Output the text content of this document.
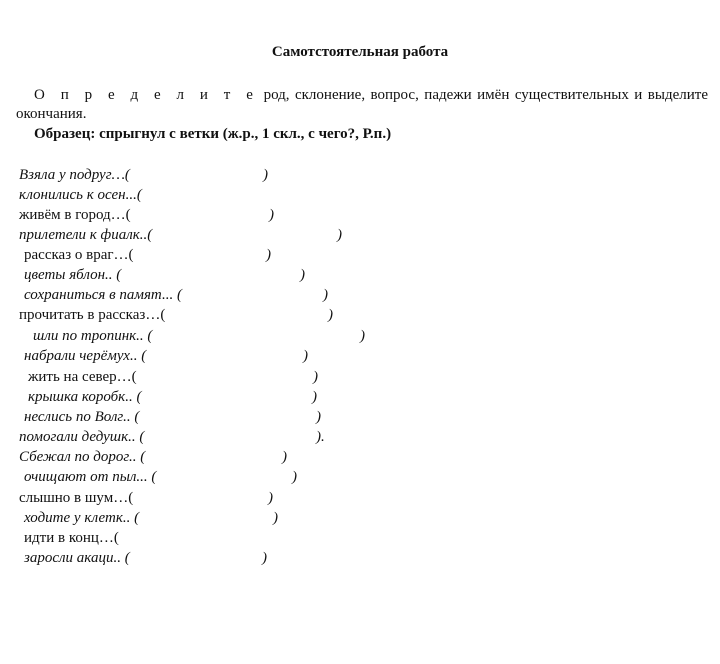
Самотстоятельная работа
О п р е д е л и т е род, склонение, вопрос, падежи имён существительных и выделите окончания.
Образец: спрыгнул с ветки (ж.р., 1 скл., с чего?, Р.п.)
Взяла у подруг…(	)
клонились к осен...(
живём в город…(	)
прилетели к фиалк..(	)
рассказ о враг…(	)
цветы яблон.. (	)
сохраниться в памят... (	)
прочитать в рассказ…(	)
шли по тропинк.. (	)
набрали черёмух.. (	)
жить на север…(	)
крышка коробк.. (	)
неслись по Волг.. (	)
помогали дедушк.. (	).
Сбежал по дорог.. (	)
очищают от пыл... (	)
слышно в шум…(	)
ходите у клетк.. (	)
идти в конц…(
заросли акаци.. (	)
